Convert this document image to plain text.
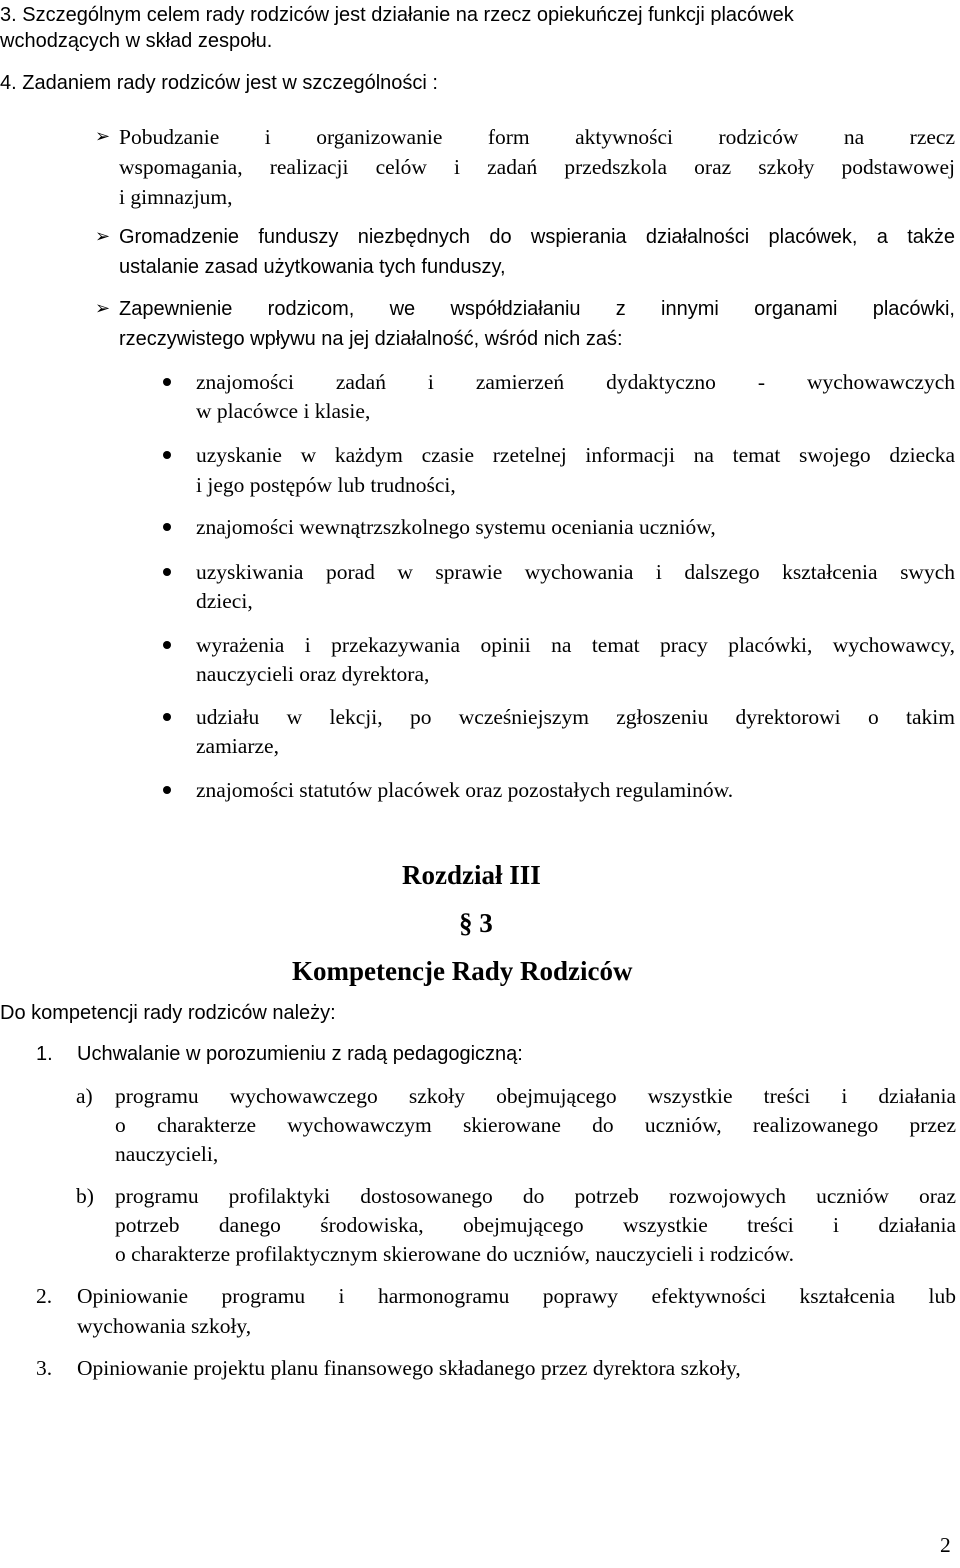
3. Szczególnym celem rady rodziców jest działanie na rzecz opiekuńczej funkcji placówek
wchodzących w skład zespołu.
4. Zadaniem rady rodziców jest w szczególności :
➢ Pobudzanie i organizowanie form aktywności rodziców na rzecz
wspomagania, realizacji celów i zadań przedszkola oraz szkoły podstawowej
i gimnazjum,
➢ Gromadzenie funduszy niezbędnych do wspierania działalności placówek, a także
ustalanie zasad użytkowania tych funduszy,
➢ Zapewnienie rodzicom, we współdziałaniu z innymi organami placówki,
rzeczywistego wpływu na jej działalność, wśród nich zaś:
znajomości zadań i zamierzeń dydaktyczno - wychowawczych
w placówce i klasie,
uzyskanie w każdym czasie rzetelnej informacji na temat swojego dziecka
i jego postępów lub trudności,
znajomości wewnątrzszkolnego systemu oceniania uczniów,
uzyskiwania porad w sprawie wychowania i dalszego kształcenia swych
dzieci,
wyrażenia i przekazywania opinii na temat pracy placówki, wychowawcy,
nauczycieli oraz dyrektora,
udziału w lekcji, po wcześniejszym zgłoszeniu dyrektorowi o takim
zamiarze,
znajomości statutów placówek oraz pozostałych regulaminów.
Rozdział III
§ 3
Kompetencje Rady Rodziców
Do kompetencji rady rodziców należy:
1. Uchwalanie w porozumieniu z radą pedagogiczną:
a) programu wychowawczego szkoły obejmującego wszystkie treści i działania
o charakterze wychowawczym skierowane do uczniów, realizowanego przez
nauczycieli,
b) programu profilaktyki dostosowanego do potrzeb rozwojowych uczniów oraz
potrzeb danego środowiska, obejmującego wszystkie treści i działania
o charakterze profilaktycznym skierowane do uczniów, nauczycieli i rodziców.
2. Opiniowanie programu i harmonogramu poprawy efektywności kształcenia lub
wychowania szkoły,
3. Opiniowanie projektu planu finansowego składanego przez dyrektora szkoły,
2
